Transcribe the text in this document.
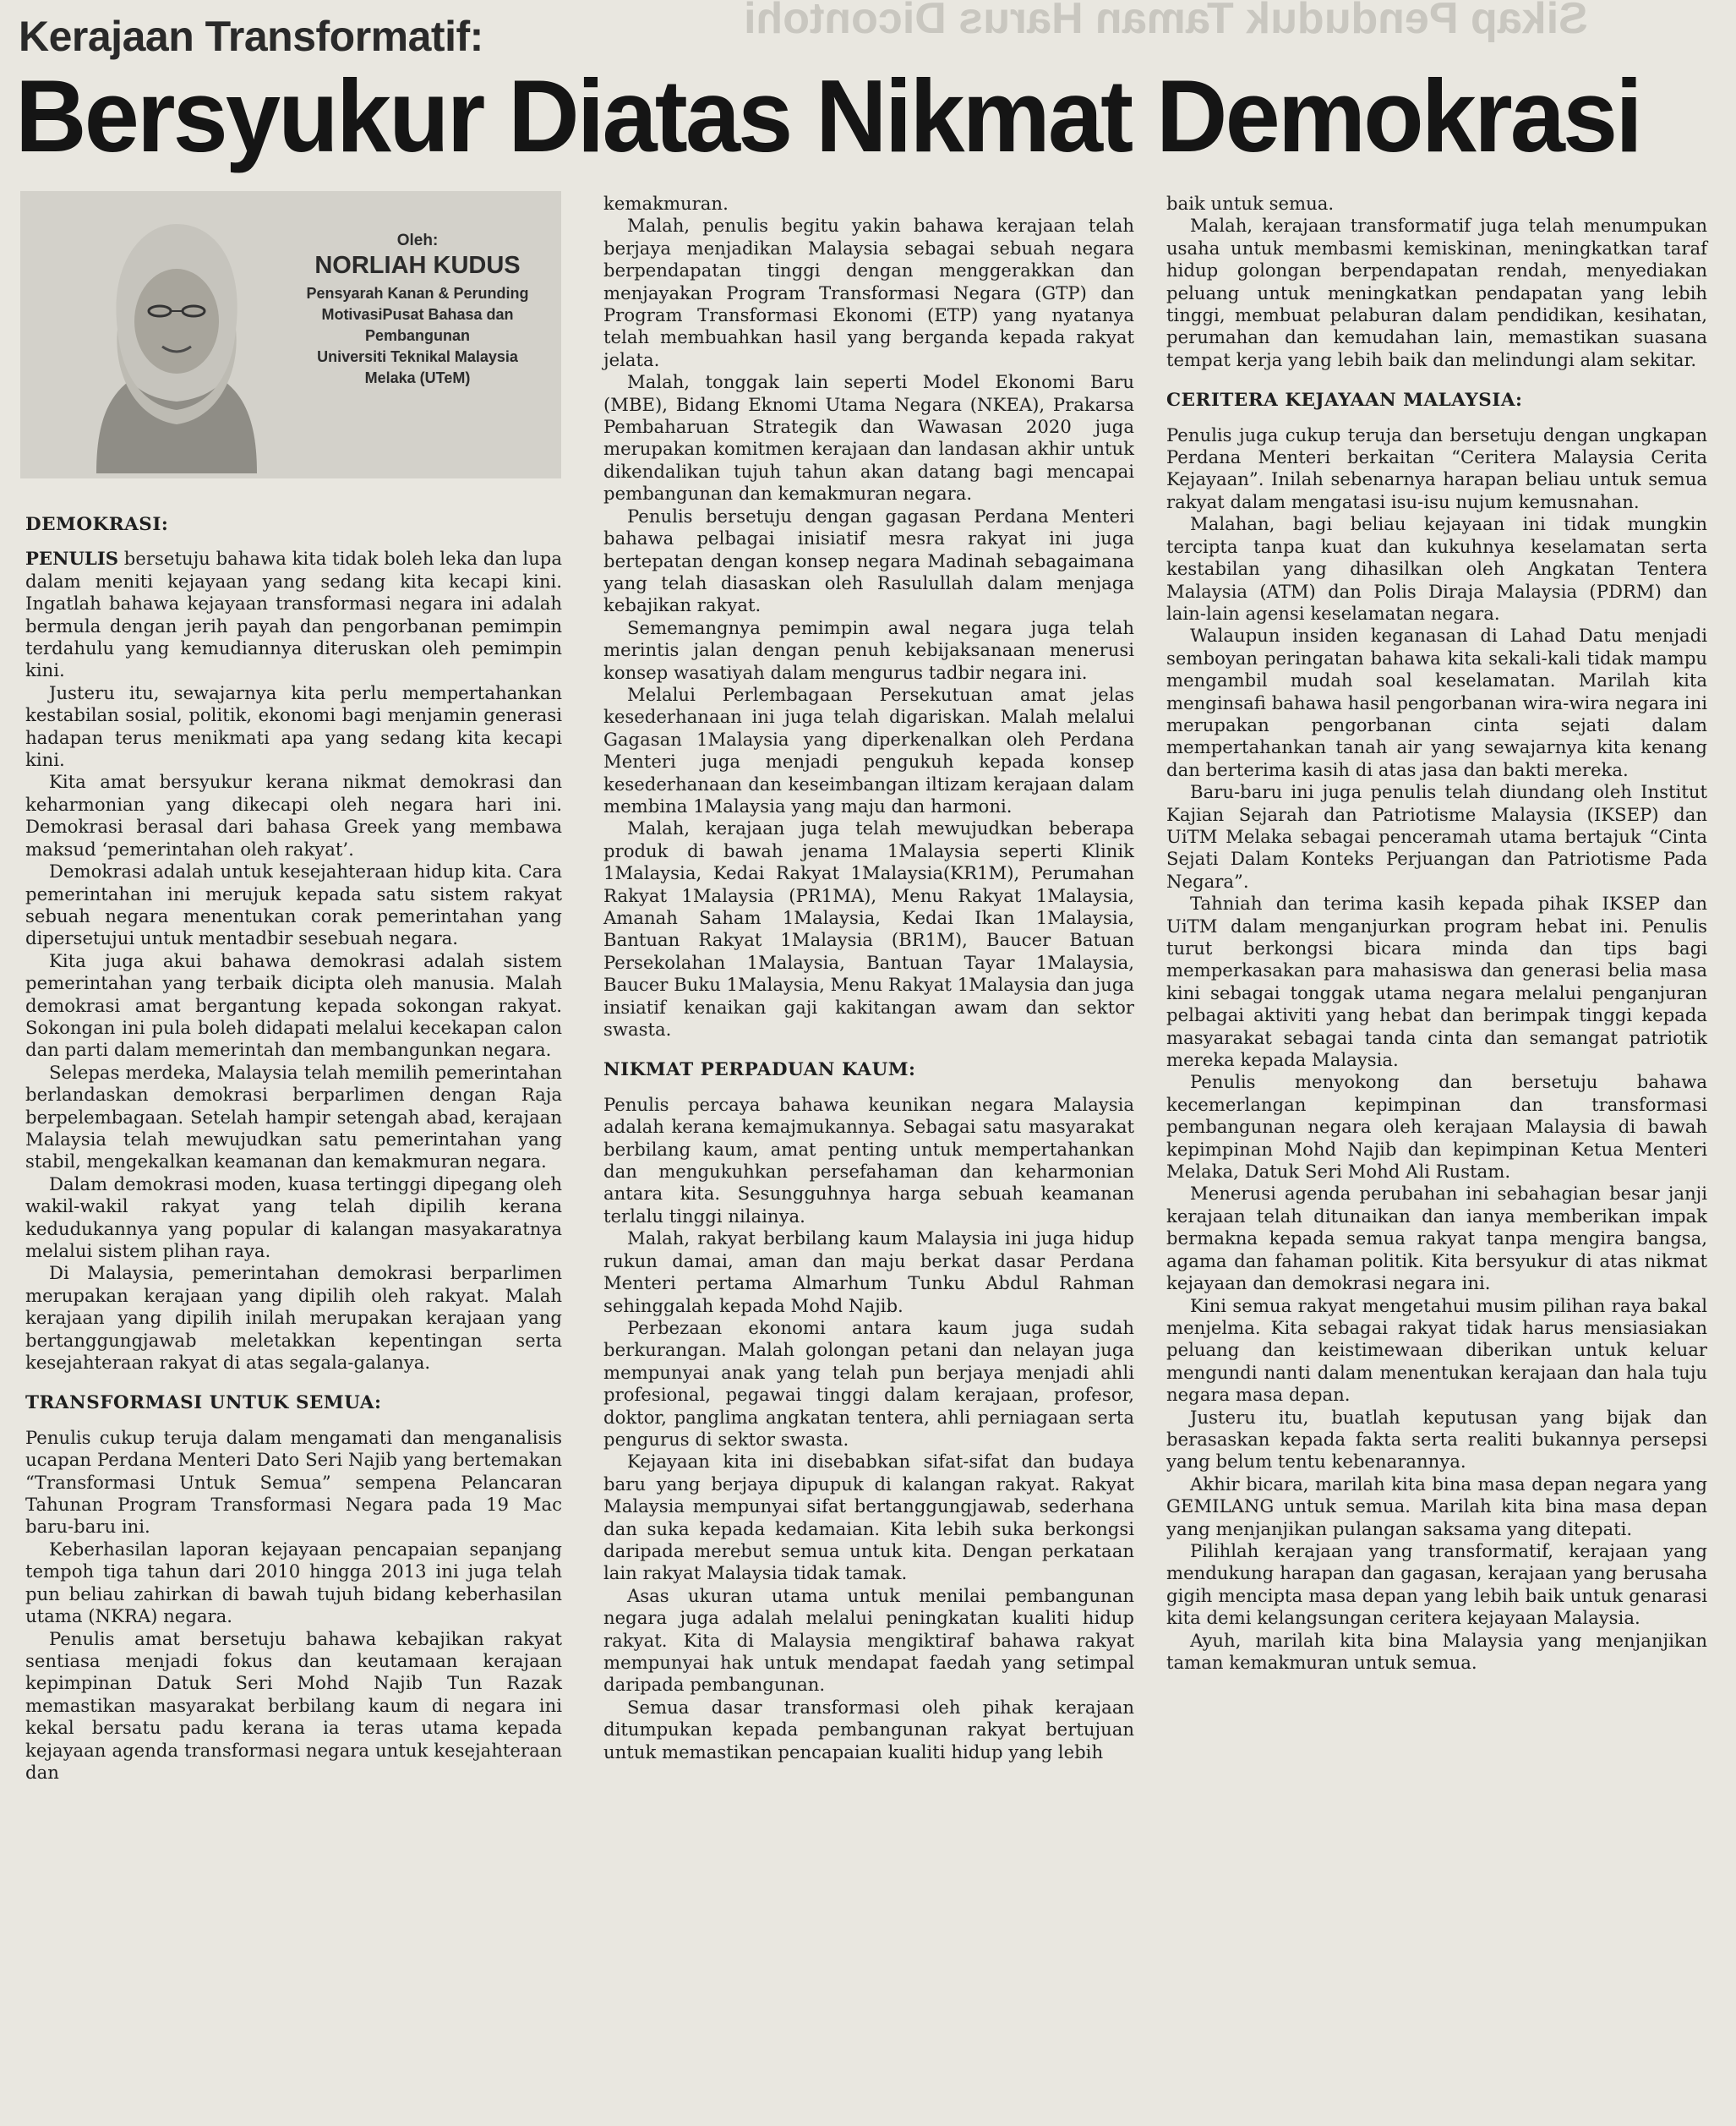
Sikap Penduduk Taman Harus Dicontohi
Kerajaan Transformatif:
Bersyukur Diatas Nikmat Demokrasi
Oleh:
NORLIAH KUDUS
Pensyarah Kanan & Perunding
MotivasiPusat Bahasa dan
Pembangunan
Universiti Teknikal Malaysia
Melaka (UTeM)
DEMOKRASI:

PENULIS bersetuju bahawa kita tidak boleh leka dan lupa dalam meniti kejayaan yang sedang kita kecapi kini. Ingatlah bahawa kejayaan transformasi negara ini adalah bermula dengan jerih payah dan pengorbanan pemimpin terdahulu yang kemudiannya diteruskan oleh pemimpin kini.

Justeru itu, sewajarnya kita perlu mempertahankan kestabilan sosial, politik, ekonomi bagi menjamin generasi hadapan terus menikmati apa yang sedang kita kecapi kini.

Kita amat bersyukur kerana nikmat demokrasi dan keharmonian yang dikecapi oleh negara hari ini. Demokrasi berasal dari bahasa Greek yang membawa maksud ‘pemerintahan oleh rakyat’.

Demokrasi adalah untuk kesejahteraan hidup kita. Cara pemerintahan ini merujuk kepada satu sistem rakyat sebuah negara menentukan corak pemerintahan yang dipersetujui untuk mentadbir sesebuah negara.

Kita juga akui bahawa demokrasi adalah sistem pemerintahan yang terbaik dicipta oleh manusia. Malah demokrasi amat bergantung kepada sokongan rakyat. Sokongan ini pula boleh didapati melalui kecekapan calon dan parti dalam memerintah dan membangunkan negara.

Selepas merdeka, Malaysia telah memilih pemerintahan berlandaskan demokrasi berparlimen dengan Raja berpelembagaan. Setelah hampir setengah abad, kerajaan Malaysia telah mewujudkan satu pemerintahan yang stabil, mengekalkan keamanan dan kemakmuran negara.

Dalam demokrasi moden, kuasa tertinggi dipegang oleh wakil-wakil rakyat yang telah dipilih kerana kedudukannya yang popular di kalangan masyakaratnya melalui sistem plihan raya.

Di Malaysia, pemerintahan demokrasi berparlimen merupakan kerajaan yang dipilih oleh rakyat. Malah kerajaan yang dipilih inilah merupakan kerajaan yang bertanggungjawab meletakkan kepentingan serta kesejahteraan rakyat di atas segala-galanya.

TRANSFORMASI UNTUK SEMUA:

Penulis cukup teruja dalam mengamati dan menganalisis ucapan Perdana Menteri Dato Seri Najib yang bertemakan “Transformasi Untuk Semua” sempena Pelancaran Tahunan Program Transformasi Negara pada 19 Mac baru-baru ini.

Keberhasilan laporan kejayaan pencapaian sepanjang tempoh tiga tahun dari 2010 hingga 2013 ini juga telah pun beliau zahirkan di bawah tujuh bidang keberhasilan utama (NKRA) negara.

Penulis amat bersetuju bahawa kebajikan rakyat sentiasa menjadi fokus dan keutamaan kerajaan kepimpinan Datuk Seri Mohd Najib Tun Razak memastikan masyarakat berbilang kaum di negara ini kekal bersatu padu kerana ia teras utama kepada kejayaan agenda transformasi negara untuk kesejahteraan dan

kemakmuran.

Malah, penulis begitu yakin bahawa kerajaan telah berjaya menjadikan Malaysia sebagai sebuah negara berpendapatan tinggi dengan menggerakkan dan menjayakan Program Transformasi Negara (GTP) dan Program Transformasi Ekonomi (ETP) yang nyatanya telah membuahkan hasil yang berganda kepada rakyat jelata.

Malah, tonggak lain seperti Model Ekonomi Baru (MBE), Bidang Eknomi Utama Negara (NKEA), Prakarsa Pembaharuan Strategik dan Wawasan 2020 juga merupakan komitmen kerajaan dan landasan akhir untuk dikendalikan tujuh tahun akan datang bagi mencapai pembangunan dan kemakmuran negara.

Penulis bersetuju dengan gagasan Perdana Menteri bahawa pelbagai inisiatif mesra rakyat ini juga bertepatan dengan konsep negara Madinah sebagaimana yang telah diasaskan oleh Rasulullah dalam menjaga kebajikan rakyat.

Sememangnya pemimpin awal negara juga telah merintis jalan dengan penuh kebijaksanaan menerusi konsep wasatiyah dalam mengurus tadbir negara ini.

Melalui Perlembagaan Persekutuan amat jelas kesederhanaan ini juga telah digariskan. Malah melalui Gagasan 1Malaysia yang diperkenalkan oleh Perdana Menteri juga menjadi pengukuh kepada konsep kesederhanaan dan keseimbangan iltizam kerajaan dalam membina 1Malaysia yang maju dan harmoni.

Malah, kerajaan juga telah mewujudkan beberapa produk di bawah jenama 1Malaysia seperti Klinik 1Malaysia, Kedai Rakyat 1Malaysia(KR1M), Perumahan Rakyat 1Malaysia (PR1MA), Menu Rakyat 1Malaysia, Amanah Saham 1Malaysia, Kedai Ikan 1Malaysia, Bantuan Rakyat 1Malaysia (BR1M), Baucer Batuan Persekolahan 1Malaysia, Bantuan Tayar 1Malaysia, Baucer Buku 1Malaysia, Menu Rakyat 1Malaysia dan juga insiatif kenaikan gaji kakitangan awam dan sektor swasta.

NIKMAT PERPADUAN KAUM:

Penulis percaya bahawa keunikan negara Malaysia adalah kerana kemajmukannya. Sebagai satu masyarakat berbilang kaum, amat penting untuk mempertahankan dan mengukuhkan persefahaman dan keharmonian antara kita. Sesungguhnya harga sebuah keamanan terlalu tinggi nilainya.

Malah, rakyat berbilang kaum Malaysia ini juga hidup rukun damai, aman dan maju berkat dasar Perdana Menteri pertama Almarhum Tunku Abdul Rahman sehinggalah kepada Mohd Najib.

Perbezaan ekonomi antara kaum juga sudah berkurangan. Malah golongan petani dan nelayan juga mempunyai anak yang telah pun berjaya menjadi ahli profesional, pegawai tinggi dalam kerajaan, profesor, doktor, panglima angkatan tentera, ahli perniagaan serta pengurus di sektor swasta.

Kejayaan kita ini disebabkan sifat-sifat dan budaya baru yang berjaya dipupuk di kalangan rakyat. Rakyat Malaysia mempunyai sifat bertanggungjawab, sederhana dan suka kepada kedamaian. Kita lebih suka berkongsi daripada merebut semua untuk kita. Dengan perkataan lain rakyat Malaysia tidak tamak.

Asas ukuran utama untuk menilai pembangunan negara juga adalah melalui peningkatan kualiti hidup rakyat. Kita di Malaysia mengiktiraf bahawa rakyat mempunyai hak untuk mendapat faedah yang setimpal daripada pembangunan.

Semua dasar transformasi oleh pihak kerajaan ditumpukan kepada pembangunan rakyat bertujuan untuk memastikan pencapaian kualiti hidup yang lebih

baik untuk semua.

Malah, kerajaan transformatif juga telah menumpukan usaha untuk membasmi kemiskinan, meningkatkan taraf hidup golongan berpendapatan rendah, menyediakan peluang untuk meningkatkan pendapatan yang lebih tinggi, membuat pelaburan dalam pendidikan, kesihatan, perumahan dan kemudahan lain, memastikan suasana tempat kerja yang lebih baik dan melindungi alam sekitar.

CERITERA KEJAYAAN MALAYSIA:

Penulis juga cukup teruja dan bersetuju dengan ungkapan Perdana Menteri berkaitan “Ceritera Malaysia Cerita Kejayaan”. Inilah sebenarnya harapan beliau untuk semua rakyat dalam mengatasi isu-isu nujum kemusnahan.

Malahan, bagi beliau kejayaan ini tidak mungkin tercipta tanpa kuat dan kukuhnya keselamatan serta kestabilan yang dihasilkan oleh Angkatan Tentera Malaysia (ATM) dan Polis Diraja Malaysia (PDRM) dan lain-lain agensi keselamatan negara.

Walaupun insiden keganasan di Lahad Datu menjadi semboyan peringatan bahawa kita sekali-kali tidak mampu mengambil mudah soal keselamatan. Marilah kita menginsafi bahawa hasil pengorbanan wira-wira negara ini merupakan pengorbanan cinta sejati dalam mempertahankan tanah air yang sewajarnya kita kenang dan berterima kasih di atas jasa dan bakti mereka.

Baru-baru ini juga penulis telah diundang oleh Institut Kajian Sejarah dan Patriotisme Malaysia (IKSEP) dan UiTM Melaka sebagai penceramah utama bertajuk “Cinta Sejati Dalam Konteks Perjuangan dan Patriotisme Pada Negara”.

Tahniah dan terima kasih kepada pihak IKSEP dan UiTM dalam menganjurkan program hebat ini. Penulis turut berkongsi bicara minda dan tips bagi memperkasakan para mahasiswa dan generasi belia masa kini sebagai tonggak utama negara melalui penganjuran pelbagai aktiviti yang hebat dan berimpak tinggi kepada masyarakat sebagai tanda cinta dan semangat patriotik mereka kepada Malaysia.

Penulis menyokong dan bersetuju bahawa kecemerlangan kepimpinan dan transformasi pembangunan negara oleh kerajaan Malaysia di bawah kepimpinan Mohd Najib dan kepimpinan Ketua Menteri Melaka, Datuk Seri Mohd Ali Rustam.

Menerusi agenda perubahan ini sebahagian besar janji kerajaan telah ditunaikan dan ianya memberikan impak bermakna kepada semua rakyat tanpa mengira bangsa, agama dan fahaman politik. Kita bersyukur di atas nikmat kejayaan dan demokrasi negara ini.

Kini semua rakyat mengetahui musim pilihan raya bakal menjelma. Kita sebagai rakyat tidak harus mensiasiakan peluang dan keistimewaan diberikan untuk keluar mengundi nanti dalam menentukan kerajaan dan hala tuju negara masa depan.

Justeru itu, buatlah keputusan yang bijak dan berasaskan kepada fakta serta realiti bukannya persepsi yang belum tentu kebenarannya.

Akhir bicara, marilah kita bina masa depan negara yang GEMILANG untuk semua. Marilah kita bina masa depan yang menjanjikan pulangan saksama yang ditepati.

Pilihlah kerajaan yang transformatif, kerajaan yang mendukung harapan dan gagasan, kerajaan yang berusaha gigih mencipta masa depan yang lebih baik untuk genarasi kita demi kelangsungan ceritera kejayaan Malaysia.

Ayuh, marilah kita bina Malaysia yang menjanjikan taman kemakmuran untuk semua.
